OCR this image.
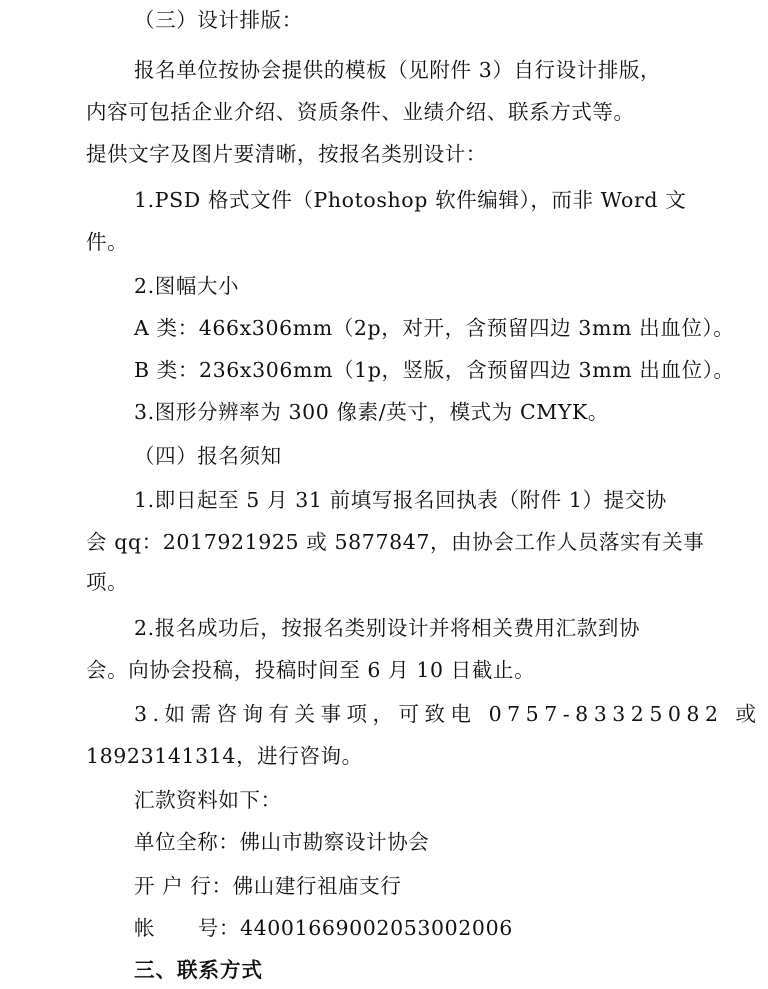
（三）设计排版：
报名单位按协会提供的模板（见附件 3）自行设计排版，
内容可包括企业介绍、资质条件、业绩介绍、联系方式等。
提供文字及图片要清晰，按报名类别设计：
1.PSD 格式文件（Photoshop 软件编辑），而非 Word 文
件。
2.图幅大小
A 类：466x306mm（2p，对开，含预留四边 3mm 出血位）。
B 类：236x306mm（1p，竖版，含预留四边 3mm 出血位）。
3.图形分辨率为 300 像素/英寸，模式为 CMYK。
（四）报名须知
1.即日起至 5 月 31 前填写报名回执表（附件 1）提交协
会 qq：2017921925 或 5877847，由协会工作人员落实有关事
项。
2.报名成功后，按报名类别设计并将相关费用汇款到协
会。向协会投稿，投稿时间至 6 月 10 日截止。
3.如需咨询有关事项，可致电 0757-83325082 或
18923141314，进行咨询。
汇款资料如下：
单位全称：佛山市勘察设计协会
开 户 行：佛山建行祖庙支行
帐      号：44001669002053002006
三、联系方式
